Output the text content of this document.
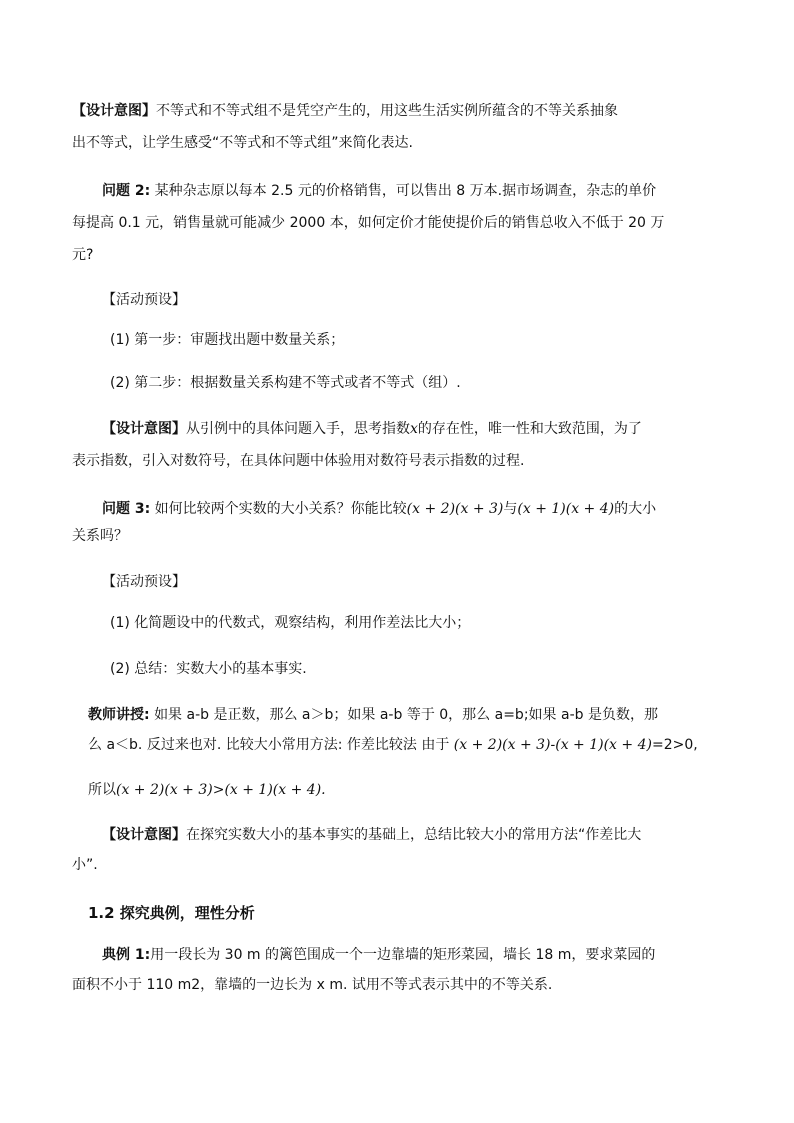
【设计意图】不等式和不等式组不是凭空产生的，用这些生活实例所蕴含的不等关系抽象

出不等式，让学生感受“不等式和不等式组”来简化表达.

问题 2: 某种杂志原以每本 2.5 元的价格销售，可以售出 8 万本.据市场调查，杂志的单价

每提高 0.1 元，销售量就可能减少 2000 本，如何定价才能使提价后的销售总收入不低于 20 万

元?

【活动预设】

(1) 第一步：审题找出题中数量关系；

(2) 第二步：根据数量关系构建不等式或者不等式（组）.

【设计意图】从引例中的具体问题入手，思考指数x的存在性，唯一性和大致范围，为了

表示指数，引入对数符号，在具体问题中体验用对数符号表示指数的过程.

问题 3: 如何比较两个实数的大小关系？你能比较(x + 2)(x + 3)与(x + 1)(x + 4)的大小

关系吗？

【活动预设】

(1) 化简题设中的代数式，观察结构，利用作差法比大小；

(2) 总结：实数大小的基本事实.

教师讲授: 如果 a-b 是正数，那么 a＞b；如果 a-b 等于 0，那么 a=b;如果 a-b 是负数，那

么 a＜b. 反过来也对. 比较大小常用方法: 作差比较法 由于 (x + 2)(x + 3)-(x + 1)(x + 4)=2>0,

所以(x + 2)(x + 3)>(x + 1)(x + 4).

【设计意图】在探究实数大小的基本事实的基础上，总结比较大小的常用方法“作差比大

小”.

1.2 探究典例，理性分析

典例 1:用一段长为 30 m 的篱笆围成一个一边靠墙的矩形菜园，墙长 18 m，要求菜园的

面积不小于 110 m2，靠墙的一边长为 x m. 试用不等式表示其中的不等关系.
